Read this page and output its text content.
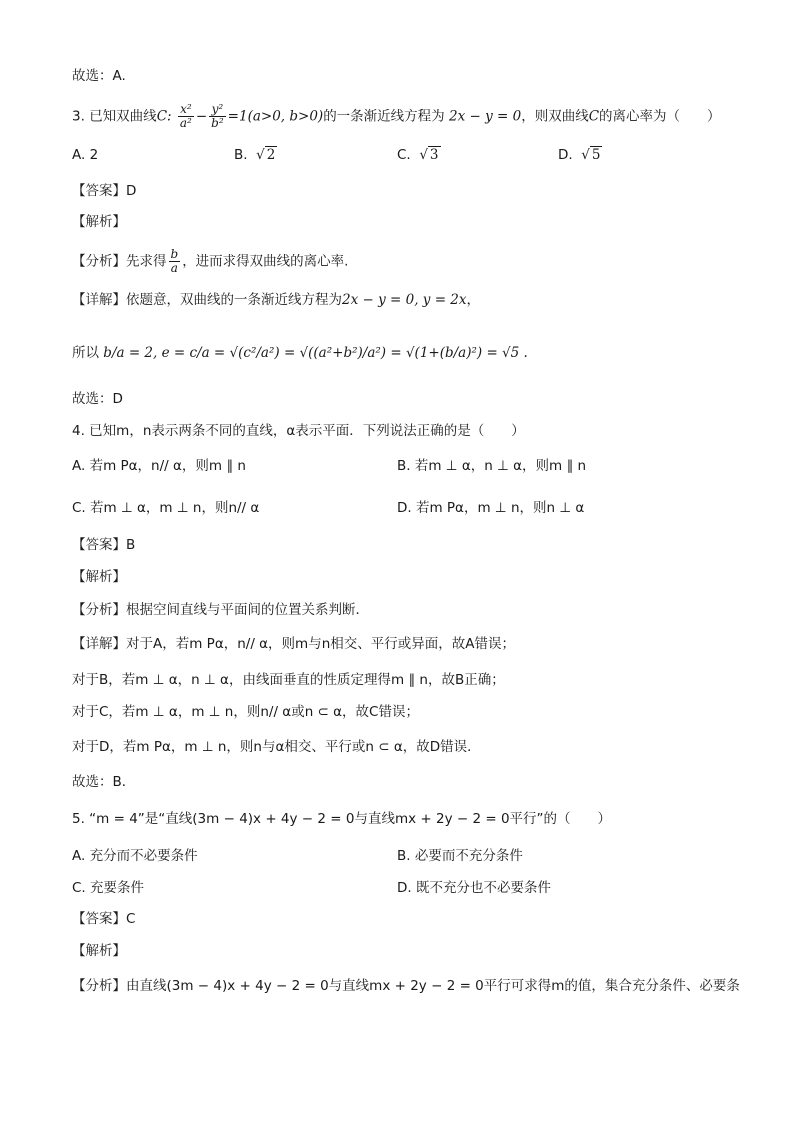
故选：A.
3. 已知双曲线C: $\frac{\text{x²}}{\text{a²}} - \frac{\text{y²}}{\text{b²}} =1(a>0$, b>0)的一条渐近线方程为 2x − y = 0，则双曲线C的离心率为（　　）
A. 2	B. √ 2	C. √ 3	D. √ 5
【答案】D
【解析】
【分析】先求得 $\frac{b}{a}$ ，进而求得双曲线的离心率.
【详解】依题意，双曲线的一条渐近线方程为2x − y = 0, y = 2x，
所以 b/a = 2, e = c/a = √(c²/a²) = √((a²+b²)/a²) = √(1+(b/a)²) = √5 .
故选：D
4. 已知m，n表示两条不同的直线，α表示平面．下列说法正确的是（　　）
A. 若m Pα，n// α，则m ∥ n	B. 若m ⊥ α，n ⊥ α，则m ∥ n
C. 若m ⊥ α，m ⊥ n，则n// α	D. 若m Pα，m ⊥ n，则n ⊥ α
【答案】B
【解析】
【分析】根据空间直线与平面间的位置关系判断．
【详解】对于A，若m Pα，n// α，则m与n相交、平行或异面，故A错误；
对于B，若m ⊥ α，n ⊥ α，由线面垂直的性质定理得m ∥ n，故B正确；
对于C，若m ⊥ α，m ⊥ n，则n// α或n ⊂ α，故C错误；
对于D，若m Pα，m ⊥ n，则n与α相交、平行或n ⊂ α，故D错误．
故选：B．
5. “m = 4”是“直线(3m − 4)x + 4y − 2 = 0与直线mx + 2y − 2 = 0平行”的（　　）
A. 充分而不必要条件	B. 必要而不充分条件
C. 充要条件	D. 既不充分也不必要条件
【答案】C
【解析】
【分析】由直线(3m − 4)x + 4y − 2 = 0与直线mx + 2y − 2 = 0平行可求得m的值，集合充分条件、必要条
